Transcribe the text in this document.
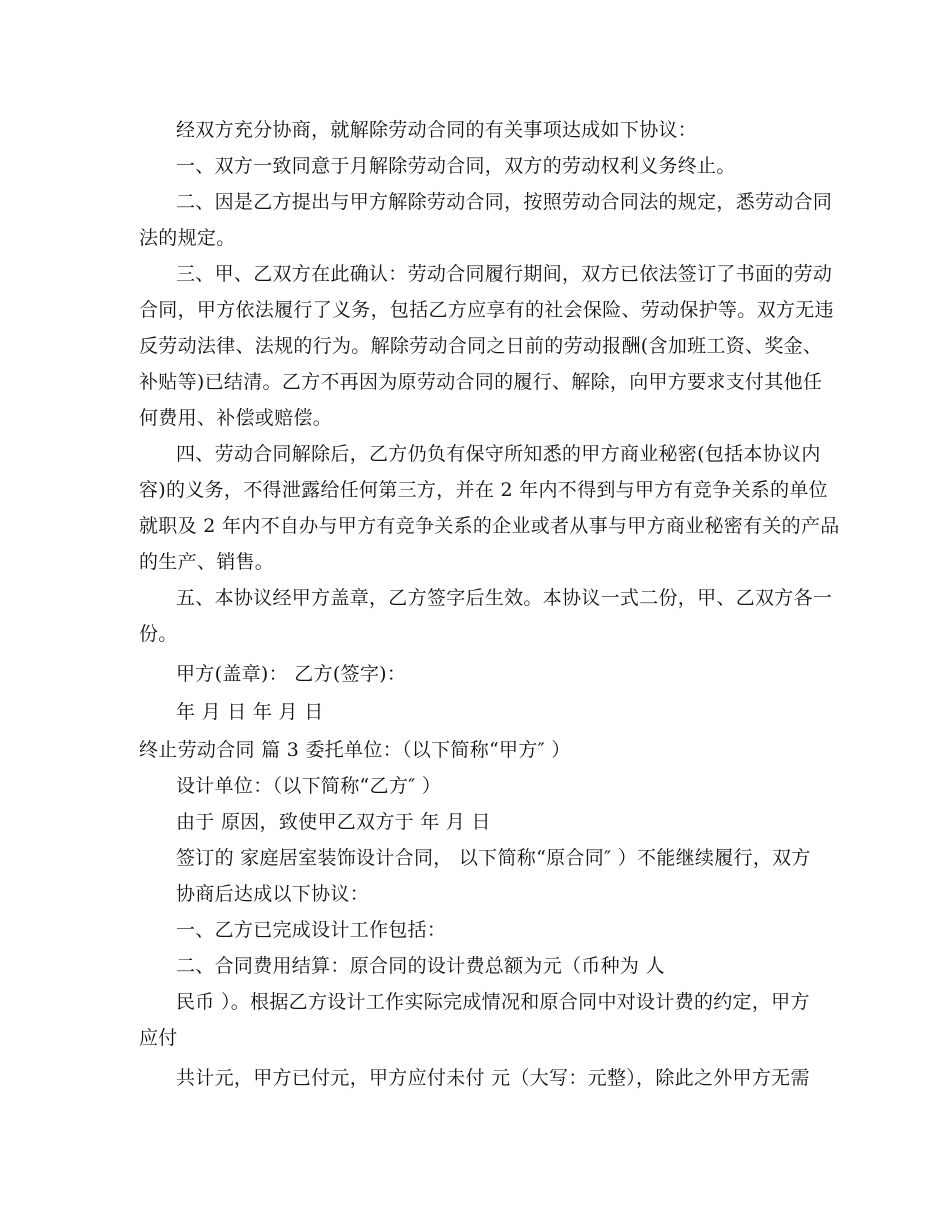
经双方充分协商，就解除劳动合同的有关事项达成如下协议：
一、双方一致同意于月解除劳动合同，双方的劳动权利义务终止。
二、因是乙方提出与甲方解除劳动合同，按照劳动合同法的规定，悉劳动合同
法的规定。
三、甲、乙双方在此确认：劳动合同履行期间，双方已依法签订了书面的劳动
合同，甲方依法履行了义务，包括乙方应享有的社会保险、劳动保护等。双方无违
反劳动法律、法规的行为。解除劳动合同之日前的劳动报酬(含加班工资、奖金、
补贴等)已结清。乙方不再因为原劳动合同的履行、解除，向甲方要求支付其他任
何费用、补偿或赔偿。
四、劳动合同解除后，乙方仍负有保守所知悉的甲方商业秘密(包括本协议内
容)的义务，不得泄露给任何第三方，并在 2 年内不得到与甲方有竞争关系的单位
就职及 2 年内不自办与甲方有竞争关系的企业或者从事与甲方商业秘密有关的产品
的生产、销售。
五、本协议经甲方盖章，乙方签字后生效。本协议一式二份，甲、乙双方各一
份。
甲方(盖章)： 乙方(签字)：
年 月 日 年 月 日
终止劳动合同 篇 3 委托单位：（以下简称“甲方″ ）
设计单位：（以下简称“乙方″ ）
由于 原因，致使甲乙双方于 年 月 日
签订的 家庭居室装饰设计合同， 以下简称“原合同″ ）不能继续履行，双方
协商后达成以下协议：
一、乙方已完成设计工作包括：
二、合同费用结算：原合同的设计费总额为元（币种为 人
民币 ）。根据乙方设计工作实际完成情况和原合同中对设计费的约定，甲方
应付
共计元，甲方已付元，甲方应付未付 元（大写：元整），除此之外甲方无需
